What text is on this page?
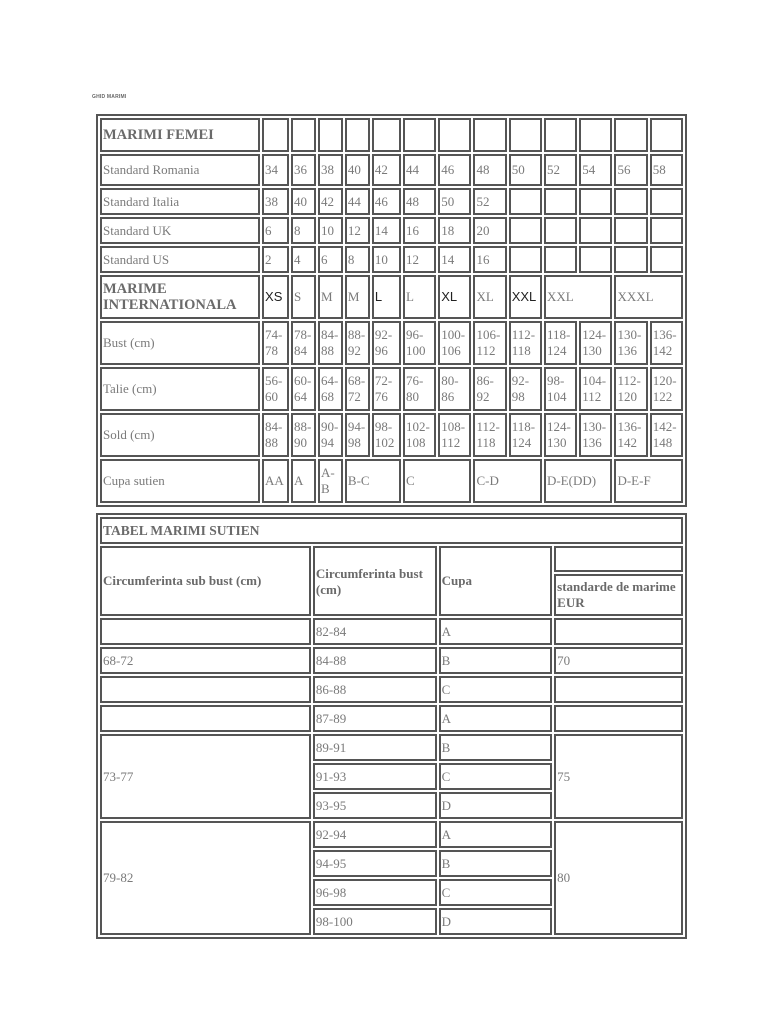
GHID MARIMI
MARIMI FEMEI													
Standard Romania	34	36	38	40	42	44	46	48	50	52	54	56	58
Standard Italia	38	40	42	44	46	48	50	52					
Standard UK	6	8	10	12	14	16	18	20					
Standard US	2	4	6	8	10	12	14	16					
MARIME INTERNATIONALA	XS	S	M	M	L	L	XL	XL	XXL	XXL		XXXL	
Bust (cm)	74-78	78-84	84-88	88-92	92-96	96-100	100-106	106-112	112-118	118-124	124-130	130-136	136-142
Talie (cm)	56-60	60-64	64-68	68-72	72-76	76-80	80-86	86-92	92-98	98-104	104-112	112-120	120-122
Sold (cm)	84-88	88-90	90-94	94-98	98-102	102-108	108-112	112-118	118-124	124-130	130-136	136-142	142-148
Cupa sutien	AA	A	A-B	B-C		C		C-D		D-E(DD)		D-E-F	
TABEL MARIMI SUTIEN			
Circumferinta sub bust (cm)	Circumferinta bust (cm)	Cupa	
			standarde de marime EUR
	82-84	A	
68-72	84-88	B	70
	86-88	C	
	87-89	A	
73-77	89-91	B	75
	91-93	C	
	93-95	D	
79-82	92-94	A	80
	94-95	B	
	96-98	C	
	98-100	D	
